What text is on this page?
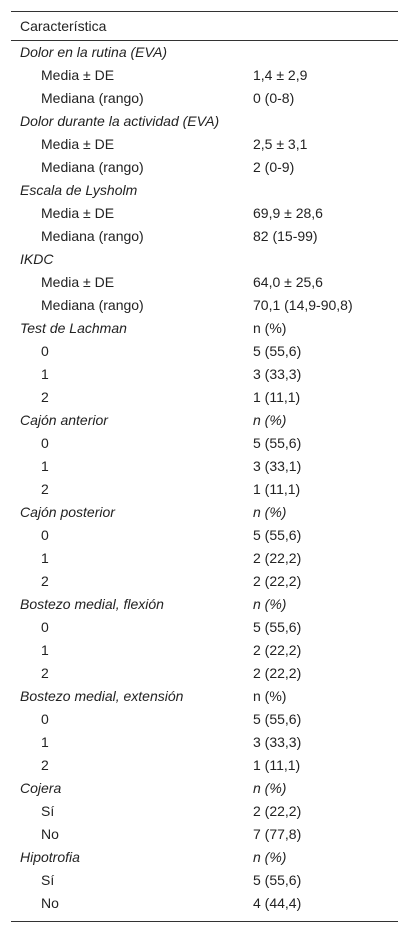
Característica
Dolor en la rutina (EVA)
Media ± DE	1,4 ± 2,9
Mediana (rango)	0 (0-8)
Dolor durante la actividad (EVA)
Media ± DE	2,5 ± 3,1
Mediana (rango)	2 (0-9)
Escala de Lysholm
Media ± DE	69,9 ± 28,6
Mediana (rango)	82 (15-99)
IKDC
Media ± DE	64,0 ± 25,6
Mediana (rango)	70,1 (14,9-90,8)
Test de Lachman	n (%)
0	5 (55,6)
1	3 (33,3)
2	1 (11,1)
Cajón anterior	n (%)
0	5 (55,6)
1	3 (33,1)
2	1 (11,1)
Cajón posterior	n (%)
0	5 (55,6)
1	2 (22,2)
2	2 (22,2)
Bostezo medial, flexión	n (%)
0	5 (55,6)
1	2 (22,2)
2	2 (22,2)
Bostezo medial, extensión	n (%)
0	5 (55,6)
1	3 (33,3)
2	1 (11,1)
Cojera	n (%)
Sí	2 (22,2)
No	7 (77,8)
Hipotrofia	n (%)
Sí	5 (55,6)
No	4 (44,4)
